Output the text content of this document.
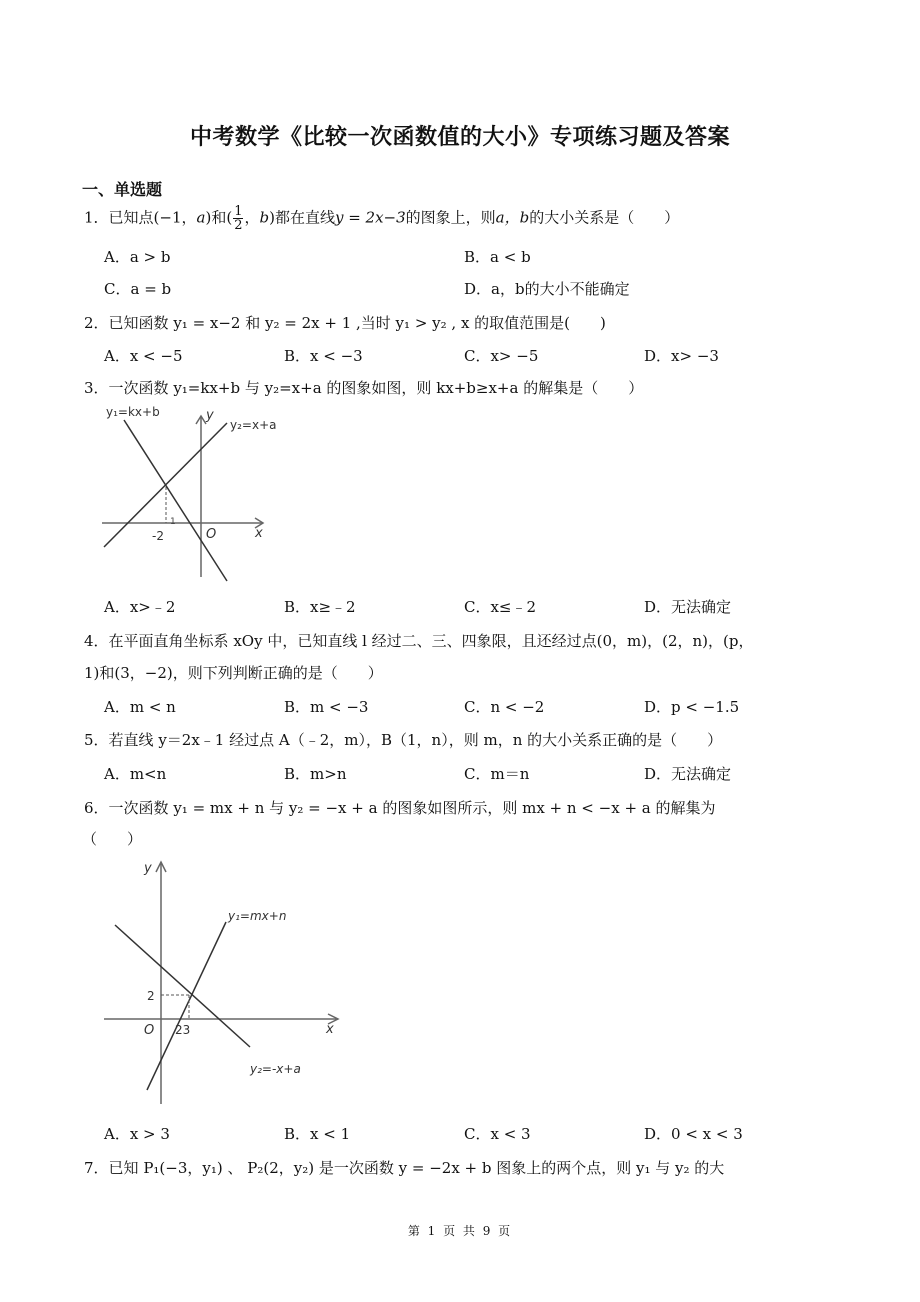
中考数学《比较一次函数值的大小》专项练习题及答案
一、单选题
1．已知点(−1，a)和( $\frac{1}{2}$ ，b)都在直线y = 2x−3的图象上，则a，b的大小关系是（　　）
A．a > b	B．a < b
C．a = b	D．a，b的大小不能确定
2．已知函数 y₁ = x−2 和 y₂ = 2x + 1 ,当时 y₁ > y₂ , x 的取值范围是(　　)
A．x < −5	B．x < −3	C．x> −5	D．x> −3
3．一次函数 y₁=kx+b 与 y₂=x+a 的图象如图，则 kx+b≥x+a 的解集是（　　）
1
y₁=kx+b
y₂=x+a
y
x
O
-2
A．x>﹣2	B．x≥﹣2	C．x≤﹣2	D．无法确定
4．在平面直角坐标系 xOy 中，已知直线 l 经过二、三、四象限，且还经过点(0，m)，(2，n)，(p，
1)和(3，−2)，则下列判断正确的是（　　）
A．m < n	B．m < −3	C．n < −2	D．p < −1.5
5．若直线 y＝2x﹣1 经过点 A（﹣2，m），B（1，n），则 m，n 的大小关系正确的是（　　）
A．m<n	B．m>n	C．m＝n	D．无法确定
6．一次函数 y₁ = mx + n 与 y₂ = −x + a 的图象如图所示，则 mx + n < −x + a 的解集为
（　　）
y₁=mx+n
y₂=-x+a
y
x
O
2
23
A．x > 3	B．x < 1	C．x < 3	D．0 < x < 3
7．已知 P₁(−3，y₁) 、 P₂(2，y₂) 是一次函数 y = −2x + b 图象上的两个点，则 y₁ 与 y₂ 的大
第 1 页 共 9 页
